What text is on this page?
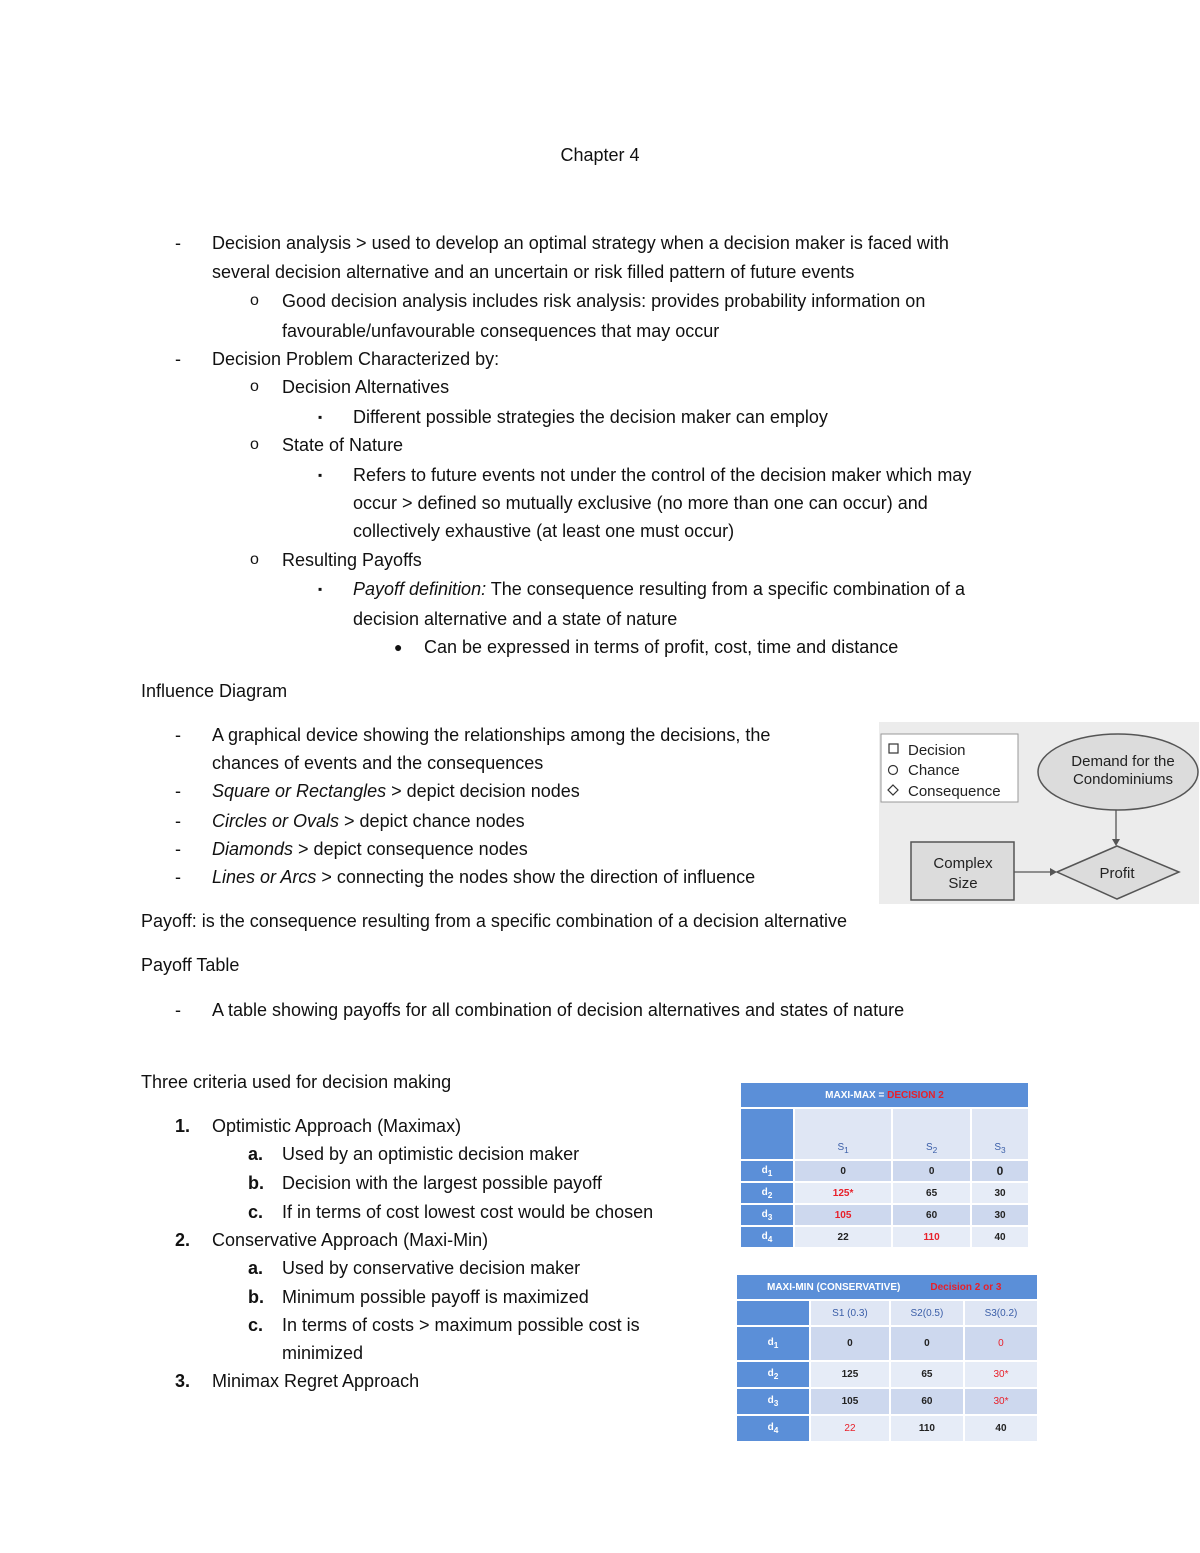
Chapter 4
- Decision analysis > used to develop an optimal strategy when a decision maker is faced with
several decision alternative and an uncertain or risk filled pattern of future events
o Good decision analysis includes risk analysis: provides probability information on
favourable/unfavourable consequences that may occur
- Decision Problem Characterized by:
o Decision Alternatives
▪ Different possible strategies the decision maker can employ
o State of Nature
▪ Refers to future events not under the control of the decision maker which may
occur > defined so mutually exclusive (no more than one can occur) and
collectively exhaustive (at least one must occur)
o Resulting Payoffs
▪ Payoff definition: The consequence resulting from a specific combination of a
decision alternative and a state of nature
● Can be expressed in terms of profit, cost, time and distance
Influence Diagram
- A graphical device showing the relationships among the decisions, the
chances of events and the consequences
- Square or Rectangles > depict decision nodes
- Circles or Ovals > depict chance nodes
- Diamonds > depict consequence nodes
- Lines or Arcs > connecting the nodes show the direction of influence
Decision
Chance
Consequence
Demand for the
Condominiums
Complex
Size
Profit
Payoff: is the consequence resulting from a specific combination of a decision alternative
Payoff Table
- A table showing payoffs for all combination of decision alternatives and states of nature
Three criteria used for decision making
1. Optimistic Approach (Maximax)
a. Used by an optimistic decision maker
b. Decision with the largest possible payoff
c. If in terms of cost lowest cost would be chosen
2. Conservative Approach (Maxi-Min)
a. Used by conservative decision maker
b. Minimum possible payoff is maximized
c. In terms of costs > maximum possible cost is
minimized
3. Minimax Regret Approach
MAXI-MAX = DECISION 2			
	$S_1$	$S_2$	$S_3$
$d_1$	0	0	0
$d_2$	125*	65	30
$d_3$	105	60	30
$d_4$	22	110	40
MAXI-MIN (CONSERVATIVE) Decision 2 or 3			
	S1 (0.3)	S2(0.5)	S3(0.2)
$d_1$	0	0	0
$d_2$	125	65	30*
$d_3$	105	60	30*
$d_4$	22	110	40
